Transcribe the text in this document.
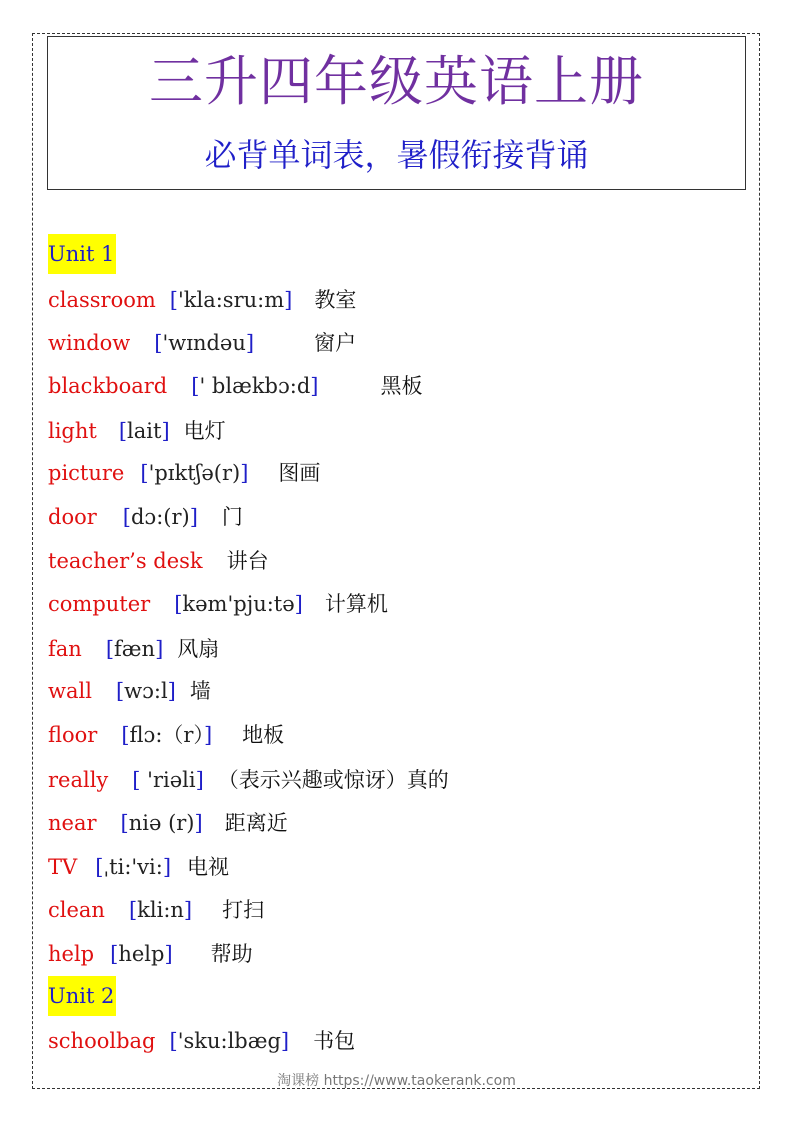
三升四年级英语上册
必背单词表，暑假衔接背诵
Unit 1
classroom ['kla:sru:m] 教室
window ['wɪndəu]	窗户
blackboard [' blækbɔ:d]	黑板
light [lait] 电灯
picture ['pɪktʃə(r)] 图画
door [dɔ:(r)] 门
teacher’s desk 讲台
computer [kəm'pju:tə] 计算机
fan [fæn] 风扇
wall [wɔ:l] 墙
floor [flɔ:（r）] 地板
really [ 'riəli] （表示兴趣或惊讶）真的
near [niə (r)] 距离近
TV [ˌti:'vi:] 电视
clean [kli:n] 打扫
help [help] 帮助
Unit 2
schoolbag ['sku:lbæg] 书包
淘课榜 https://www.taokerank.com
